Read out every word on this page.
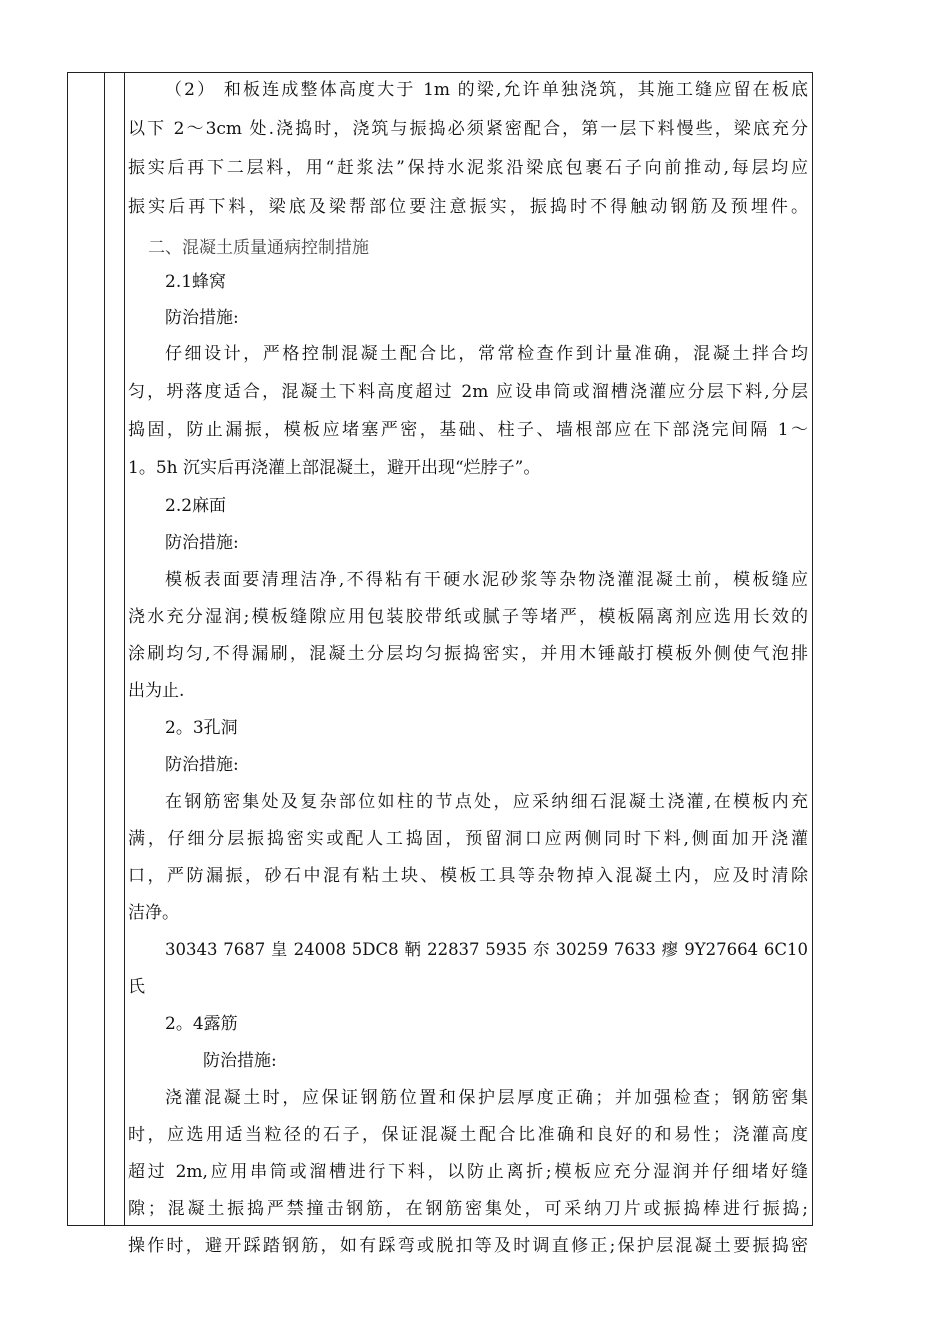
（2） 和板连成整体高度大于 1m 的梁,允许单独浇筑，其施工缝应留在板底
以下 2～3cm 处.浇捣时，浇筑与振捣必须紧密配合，第一层下料慢些，梁底充分
振实后再下二层料，用“赶浆法”保持水泥浆沿梁底包裹石子向前推动,每层均应
振实后再下料，梁底及梁帮部位要注意振实，振捣时不得触动钢筋及预埋件。
二、混凝土质量通病控制措施
2.1蜂窝
防治措施:
仔细设计，严格控制混凝土配合比，常常检查作到计量准确，混凝土拌合均
匀，坍落度适合，混凝土下料高度超过 2m 应设串筒或溜槽浇灌应分层下料,分层
捣固，防止漏振，模板应堵塞严密，基础、柱子、墙根部应在下部浇完间隔 1～
1。5h 沉实后再浇灌上部混凝土，避开出现“烂脖子”。
2.2麻面
防治措施:
模板表面要清理洁净,不得粘有干硬水泥砂浆等杂物浇灌混凝土前，模板缝应
浇水充分湿润;模板缝隙应用包装胶带纸或腻子等堵严，模板隔离剂应选用长效的
涂刷均匀,不得漏刷，混凝土分层均匀振捣密实，并用木锤敲打模板外侧使气泡排
出为止.
2。3孔洞
防治措施:
在钢筋密集处及复杂部位如柱的节点处，应采纳细石混凝土浇灌,在模板内充
满，仔细分层振捣密实或配人工捣固，预留洞口应两侧同时下料,侧面加开浇灌
口，严防漏振，砂石中混有粘土块、模板工具等杂物掉入混凝土内，应及时清除
洁净。
30343 7687 皇 24008 5DC8 鞆 22837 5935 夵 30259 7633 瘳 9Y27664 6C10
氏
2。4露筋
防治措施:
浇灌混凝土时，应保证钢筋位置和保护层厚度正确；并加强检查；钢筋密集
时，应选用适当粒径的石子，保证混凝土配合比准确和良好的和易性；浇灌高度
超过 2m,应用串筒或溜槽进行下料，以防止离折;模板应充分湿润并仔细堵好缝
隙；混凝土振捣严禁撞击钢筋，在钢筋密集处，可采纳刀片或振捣棒进行振捣;
操作时，避开踩踏钢筋，如有踩弯或脱扣等及时调直修正;保护层混凝土要振捣密
